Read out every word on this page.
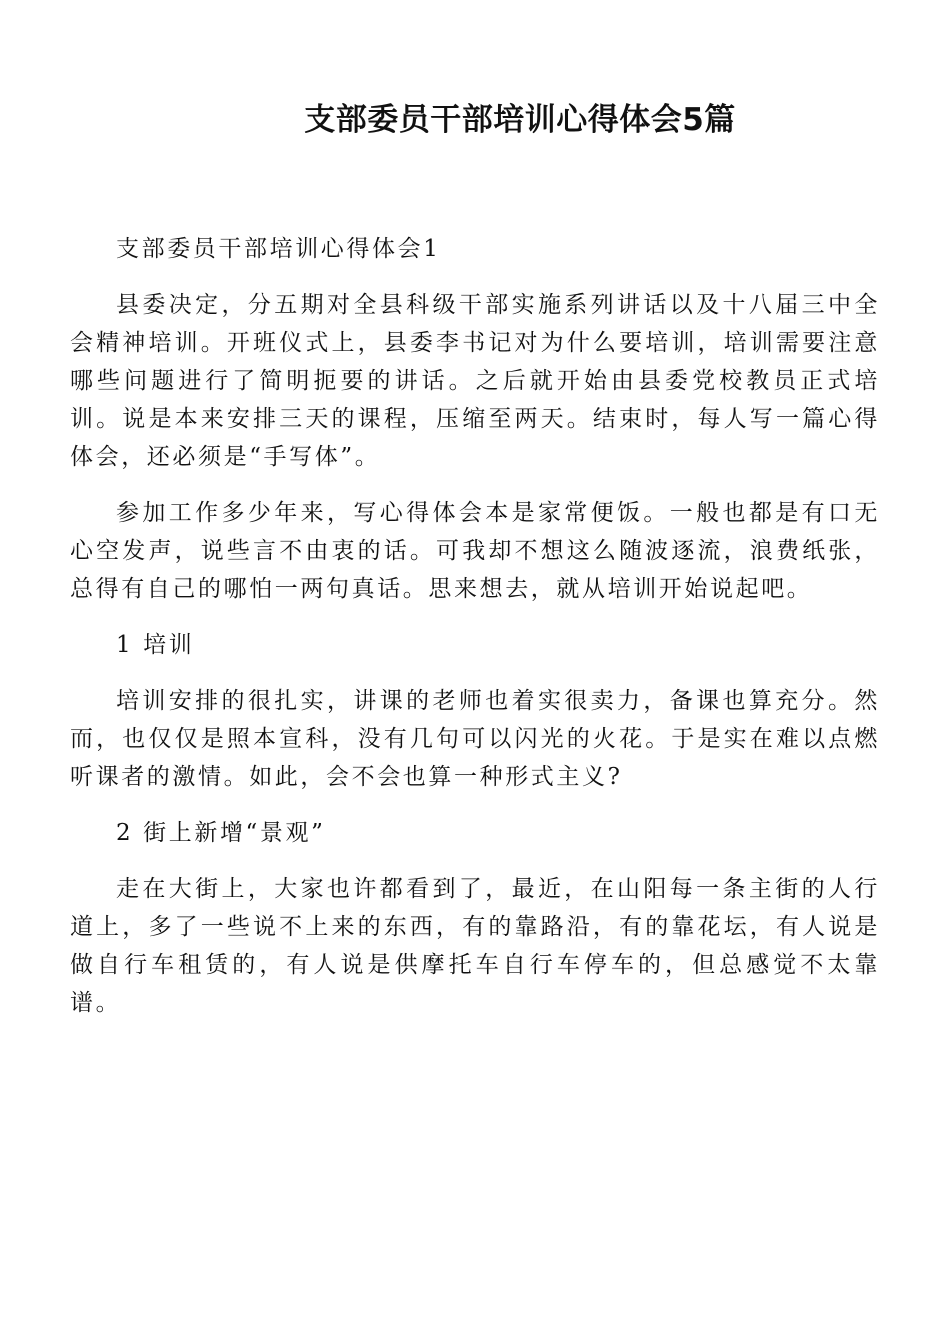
支部委员干部培训心得体会5篇

支部委员干部培训心得体会1

县委决定，分五期对全县科级干部实施系列讲话以及十八届三中全会精神培训。开班仪式上，县委李书记对为什么要培训，培训需要注意哪些问题进行了简明扼要的讲话。之后就开始由县委党校教员正式培训。说是本来安排三天的课程，压缩至两天。结束时，每人写一篇心得体会，还必须是“手写体”。

参加工作多少年来，写心得体会本是家常便饭。一般也都是有口无心空发声，说些言不由衷的话。可我却不想这么随波逐流，浪费纸张，总得有自己的哪怕一两句真话。思来想去，就从培训开始说起吧。

1 培训

培训安排的很扎实，讲课的老师也着实很卖力，备课也算充分。然而，也仅仅是照本宣科，没有几句可以闪光的火花。于是实在难以点燃听课者的激情。如此，会不会也算一种形式主义?

2 街上新增“景观”

走在大街上，大家也许都看到了，最近，在山阳每一条主街的人行道上，多了一些说不上来的东西，有的靠路沿，有的靠花坛，有人说是做自行车租赁的，有人说是供摩托车自行车停车的，但总感觉不太靠谱。
